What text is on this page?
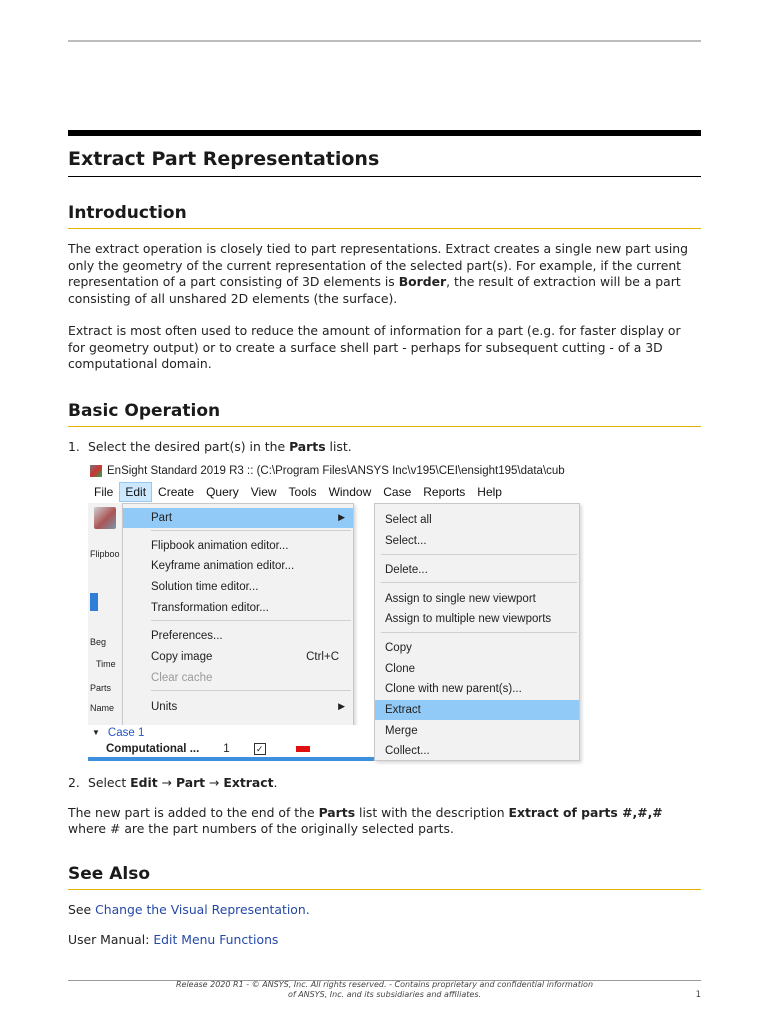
Extract Part Representations
Introduction

The extract operation is closely tied to part representations. Extract creates a single new part using only the geometry of the current representation of the selected part(s). For example, if the current representation of a part consisting of 3D elements is Border, the result of extraction will be a part consisting of all unshared 2D elements (the surface).

Extract is most often used to reduce the amount of information for a part (e.g. for faster display or for geometry output) or to create a surface shell part - perhaps for subsequent cutting - of a 3D computational domain.

Basic Operation
1. Select the desired part(s) in the Parts list.
EnSight Standard 2019 R3 :: (C:\Program Files\ANSYS Inc\v195\CEI\ensight195\data\cub
File	Edit	Create	Query	View	Tools	Window	Case	Reports	Help
Flipboo
Beg
Time
Parts
Name
Part	▶
Flipbook animation editor...
Keyframe animation editor...
Solution time editor...
Transformation editor...
Preferences...
Copy image	Ctrl+C
Clear cache
Units	▶
Select all
Select...
Delete...
Assign to single new viewport
Assign to multiple new viewports
Copy
Clone
Clone with new parent(s)...
Extract
Merge
Collect...
▼ Case 1
Computational ... 1	✓
2. Select Edit → Part → Extract.

The new part is added to the end of the Parts list with the description Extract of parts #,#,# where # are the part numbers of the originally selected parts.

See Also

See Change the Visual Representation.

User Manual: Edit Menu Functions

Release 2020 R1 - © ANSYS, Inc. All rights reserved. - Contains proprietary and confidential information
of ANSYS, Inc. and its subsidiaries and affiliates.	1
